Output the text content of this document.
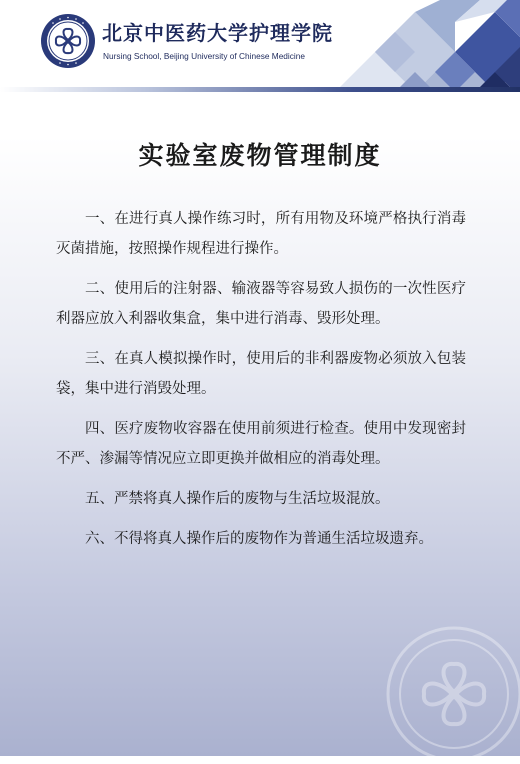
北京中医药大学护理学院
Nursing School, Beijing University of Chinese Medicine
实验室废物管理制度

一、在进行真人操作练习时，所有用物及环境严格执行消毒灭菌措施，按照操作规程进行操作。

二、使用后的注射器、输液器等容易致人损伤的一次性医疗利器应放入利器收集盒，集中进行消毒、毁形处理。

三、在真人模拟操作时，使用后的非利器废物必须放入包装袋，集中进行消毁处理。

四、医疗废物收容器在使用前须进行检查。使用中发现密封不严、渗漏等情况应立即更换并做相应的消毒处理。

五、严禁将真人操作后的废物与生活垃圾混放。

六、不得将真人操作后的废物作为普通生活垃圾遗弃。
